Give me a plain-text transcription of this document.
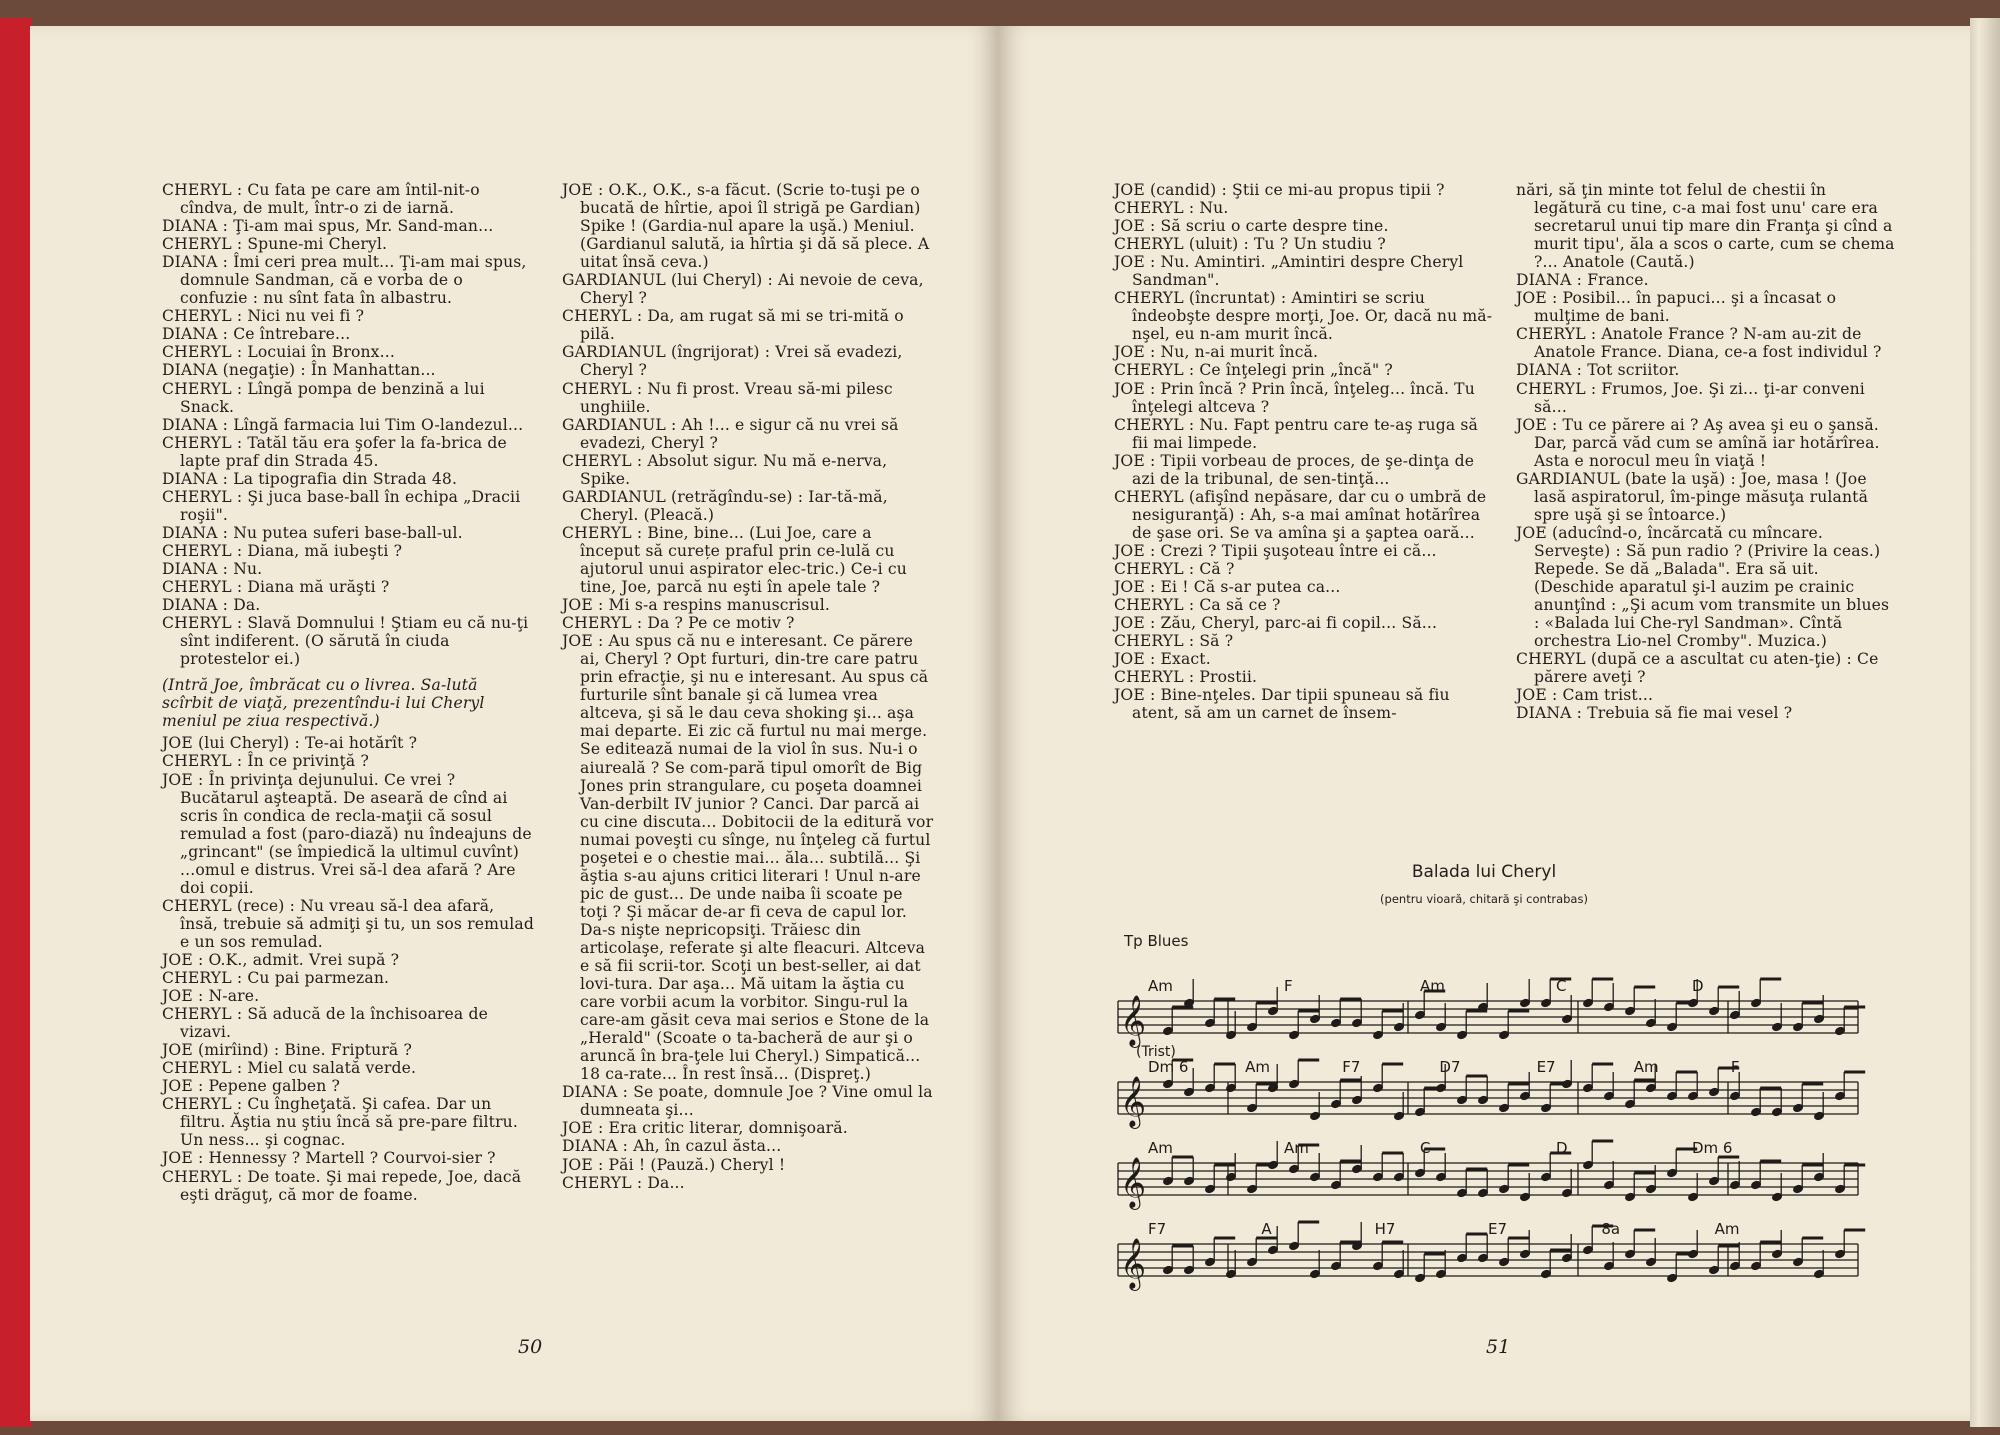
CHERYL : Cu fata pe care am întil-nit-o cîndva, de mult, într-o zi de iarnă.

DIANA : Ţi-am mai spus, Mr. Sand-man...

CHERYL : Spune-mi Cheryl.

DIANA : Îmi ceri prea mult... Ţi-am mai spus, domnule Sandman, că e vorba de o confuzie : nu sînt fata în albastru.

CHERYL : Nici nu vei fi ?

DIANA : Ce întrebare...

CHERYL : Locuiai în Bronx...

DIANA (negaţie) : În Manhattan...

CHERYL : Lîngă pompa de benzină a lui Snack.

DIANA : Lîngă farmacia lui Tim O-landezul...

CHERYL : Tatăl tău era şofer la fa-brica de lapte praf din Strada 45.

DIANA : La tipografia din Strada 48.

CHERYL : Şi juca base-ball în echipa „Dracii roşii".

DIANA : Nu putea suferi base-ball-ul.

CHERYL : Diana, mă iubeşti ?

DIANA : Nu.

CHERYL : Diana mă urăşti ?

DIANA : Da.

CHERYL : Slavă Domnului ! Ştiam eu că nu-ţi sînt indiferent. (O sărută în ciuda protestelor ei.)

(Intră Joe, îmbrăcat cu o livrea. Sa-lută scîrbit de viaţă, prezentîndu-i lui Cheryl meniul pe ziua respectivă.)

JOE (lui Cheryl) : Te-ai hotărît ?

CHERYL : În ce privinţă ?

JOE : În privinţa dejunului. Ce vrei ? Bucătarul aşteaptă. De aseară de cînd ai scris în condica de recla-maţii că sosul remulad a fost (paro-diază) nu îndeajuns de „grincant" (se împiedică la ultimul cuvînt) ...omul e distrus. Vrei să-l dea afară ? Are doi copii.

CHERYL (rece) : Nu vreau să-l dea afară, însă, trebuie să admiţi şi tu, un sos remulad e un sos remulad.

JOE : O.K., admit. Vrei supă ?

CHERYL : Cu pai parmezan.

JOE : N-are.

CHERYL : Să aducă de la închisoarea de vizavi.

JOE (mirîind) : Bine. Friptură ?

CHERYL : Miel cu salată verde.

JOE : Pepene galben ?

CHERYL : Cu îngheţată. Şi cafea. Dar un filtru. Ăştia nu ştiu încă să pre-pare filtru. Un ness... şi cognac.

JOE : Hennessy ? Martell ? Courvoi-sier ?

CHERYL : De toate. Şi mai repede, Joe, dacă eşti drăguţ, că mor de foame.

JOE : O.K., O.K., s-a făcut. (Scrie to-tuşi pe o bucată de hîrtie, apoi îl strigă pe Gardian) Spike ! (Gardia-nul apare la uşă.) Meniul. (Gardianul salută, ia hîrtia şi dă să plece. A uitat însă ceva.)

GARDIANUL (lui Cheryl) : Ai nevoie de ceva, Cheryl ?

CHERYL : Da, am rugat să mi se tri-mită o pilă.

GARDIANUL (îngrijorat) : Vrei să evadezi, Cheryl ?

CHERYL : Nu fi prost. Vreau să-mi pilesc unghiile.

GARDIANUL : Ah !... e sigur că nu vrei să evadezi, Cheryl ?

CHERYL : Absolut sigur. Nu mă e-nerva, Spike.

GARDIANUL (retrăgîndu-se) : Iar-tă-mă, Cheryl. (Pleacă.)

CHERYL : Bine, bine... (Lui Joe, care a început să curețe praful prin ce-lulă cu ajutorul unui aspirator elec-tric.) Ce-i cu tine, Joe, parcă nu eşti în apele tale ?

JOE : Mi s-a respins manuscrisul.

CHERYL : Da ? Pe ce motiv ?

JOE : Au spus că nu e interesant. Ce părere ai, Cheryl ? Opt furturi, din-tre care patru prin efracţie, şi nu e interesant. Au spus că furturile sînt banale şi că lumea vrea altceva, şi să le dau ceva shoking şi... aşa mai departe. Ei zic că furtul nu mai merge. Se editează numai de la viol în sus. Nu-i o aiureală ? Se com-pară tipul omorît de Big Jones prin strangulare, cu poşeta doamnei Van-derbilt IV junior ? Canci. Dar parcă ai cu cine discuta... Dobitocii de la editură vor numai poveşti cu sînge, nu înţeleg că furtul poşetei e o chestie mai... ăla... subtilă... Şi ăştia s-au ajuns critici literari ! Unul n-are pic de gust... De unde naiba îi scoate pe toţi ? Şi măcar de-ar fi ceva de capul lor. Da-s nişte nepricopsiţi. Trăiesc din articolaşe, referate şi alte fleacuri. Altceva e să fii scrii-tor. Scoţi un best-seller, ai dat lovi-tura. Dar aşa... Mă uitam la ăştia cu care vorbii acum la vorbitor. Singu-rul la care-am găsit ceva mai serios e Stone de la „Herald" (Scoate o ta-bacheră de aur şi o aruncă în bra-ţele lui Cheryl.) Simpatică... 18 ca-rate... În rest însă... (Dispreţ.)

DIANA : Se poate, domnule Joe ? Vine omul la dumneata şi...

JOE : Era critic literar, domnişoară.

DIANA : Ah, în cazul ăsta...

JOE : Păi ! (Pauză.) Cheryl !

CHERYL : Da...

50

JOE (candid) : Ştii ce mi-au propus tipii ?

CHERYL : Nu.

JOE : Să scriu o carte despre tine.

CHERYL (uluit) : Tu ? Un studiu ?

JOE : Nu. Amintiri. „Amintiri despre Cheryl Sandman".

CHERYL (încruntat) : Amintiri se scriu îndeobşte despre morţi, Joe. Or, dacă nu mă-nşel, eu n-am murit încă.

JOE : Nu, n-ai murit încă.

CHERYL : Ce înţelegi prin „încă" ?

JOE : Prin încă ? Prin încă, înţeleg... încă. Tu înţelegi altceva ?

CHERYL : Nu. Fapt pentru care te-aş ruga să fii mai limpede.

JOE : Tipii vorbeau de proces, de şe-dinţa de azi de la tribunal, de sen-tinţă...

CHERYL (afişînd nepăsare, dar cu o umbră de nesiguranţă) : Ah, s-a mai amînat hotărîrea de şase ori. Se va amîna şi a şaptea oară...

JOE : Crezi ? Tipii şuşoteau între ei că...

CHERYL : Că ?

JOE : Ei ! Că s-ar putea ca...

CHERYL : Ca să ce ?

JOE : Zău, Cheryl, parc-ai fi copil... Să...

CHERYL : Să ?

JOE : Exact.

CHERYL : Prostii.

JOE : Bine-nţeles. Dar tipii spuneau să fiu atent, să am un carnet de însem-

nări, să ţin minte tot felul de chestii în legătură cu tine, c-a mai fost unu' care era secretarul unui tip mare din Franţa şi cînd a murit tipu', ăla a scos o carte, cum se chema ?... Anatole (Caută.)

DIANA : France.

JOE : Posibil... în papuci... şi a încasat o mulţime de bani.

CHERYL : Anatole France ? N-am au-zit de Anatole France. Diana, ce-a fost individul ?

DIANA : Tot scriitor.

CHERYL : Frumos, Joe. Şi zi... ţi-ar conveni să...

JOE : Tu ce părere ai ? Aş avea şi eu o şansă. Dar, parcă văd cum se amînă iar hotărîrea. Asta e norocul meu în viaţă !

GARDIANUL (bate la uşă) : Joe, masa ! (Joe lasă aspiratorul, îm-pinge măsuţa rulantă spre uşă şi se întoarce.)

JOE (aducînd-o, încărcată cu mîncare. Serveşte) : Să pun radio ? (Privire la ceas.) Repede. Se dă „Balada". Era să uit.(Deschide aparatul şi-l auzim pe crainic anunţînd : „Şi acum vom transmite un blues : «Balada lui Che-ryl Sandman». Cîntă orchestra Lio-nel Cromby". Muzica.)

CHERYL (după ce a ascultat cu aten-ţie) : Ce părere aveţi ?

JOE : Cam trist...

DIANA : Trebuia să fie mai vesel ?

Balada lui Cheryl
(pentru vioară, chitară şi contrabas)
Tp Blues
𝄞
𝄞
𝄞
𝄞
(Trist)
Am	F	Am	C	D
Dm 6	Am	F7	D7	E7	Am	F
Am	Am	C	D	Dm 6
F7	A	H7	E7	8a	Am
51
